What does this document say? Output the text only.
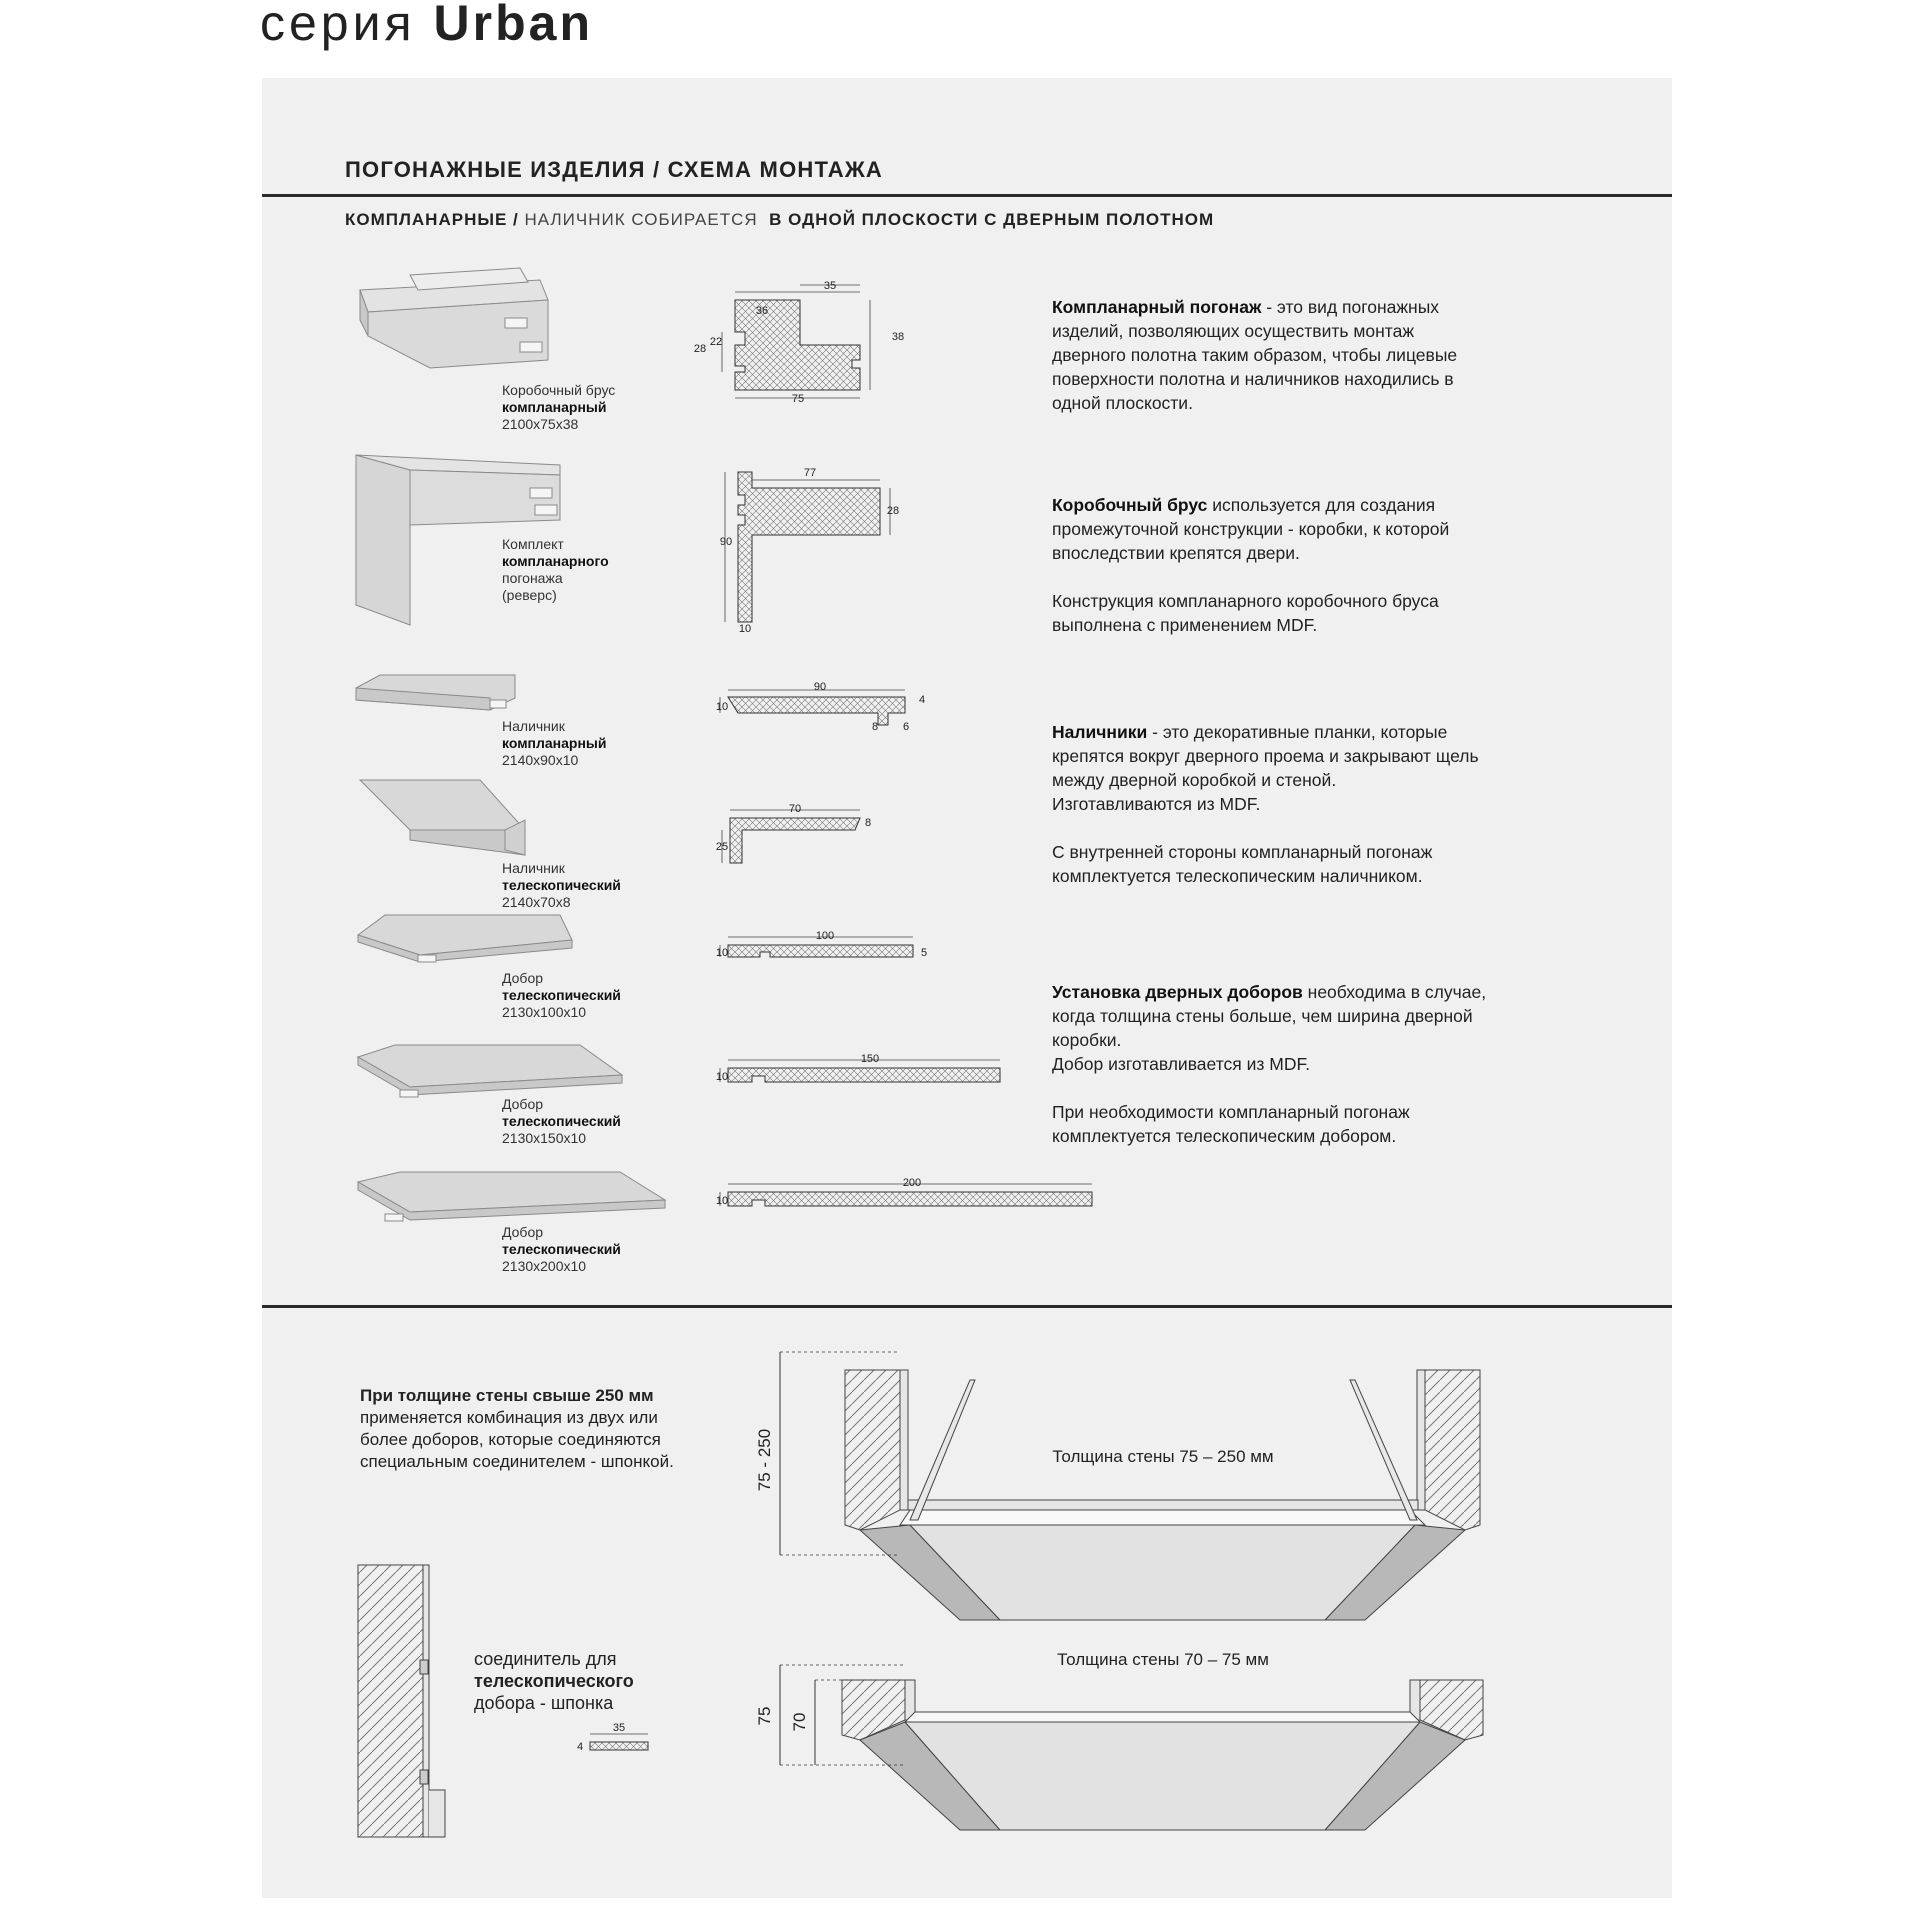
серия Urban
ПОГОНАЖНЫЕ ИЗДЕЛИЯ / СХЕМА МОНТАЖА
КОМПЛАНАРНЫЕ / НАЛИЧНИК СОБИРАЕТСЯ В ОДНОЙ ПЛОСКОСТИ С ДВЕРНЫМ ПОЛОТНОМ
Коробочный брус
компланарный
2100х75х38
Комплект
компланарного
погонажа
(реверс)
Наличник
компланарный
2140х90х10
Наличник
телескопический
2140х70х8
Добор
телескопический
2130х100х10
Добор
телескопический
2130х150х10
Добор
телескопический
2130х200х10
35
36
28
22	38
75
77
28
90
10
90
10
4
8 6
70
25
8
100
10	5
150
10
200
10
35
4

Компланарный погонаж - это вид погонажных изделий, позволяющих осуществить монтаж дверного полотна таким образом, чтобы лицевые поверхности полотна и наличников находились в одной плоскости.

Коробочный брус используется для создания промежуточной конструкции - коробки, к которой впоследствии крепятся двери.

Конструкция компланарного коробочного бруса выполнена с применением MDF.

Наличники - это декоративные планки, которые крепятся вокруг дверного проема и закрывают щель между дверной коробкой и стеной.

Изготавливаются из MDF.

С внутренней стороны компланарный погонаж комплектуется телескопическим наличником.

Установка дверных доборов необходима в случае, когда толщина стены больше, чем ширина дверной коробки.

Добор изготавливается из MDF.

При необходимости компланарный погонаж комплектуется телескопическим добором.

При толщине стены свыше 250 мм
применяется комбинация из двух или более доборов, которые соединяются специальным соединителем - шпонкой.
соединитель для
телескопического
добора - шпонка
75 - 250	Толщина стены 75 – 250 мм
75 70
Толщина стены 70 – 75 мм
